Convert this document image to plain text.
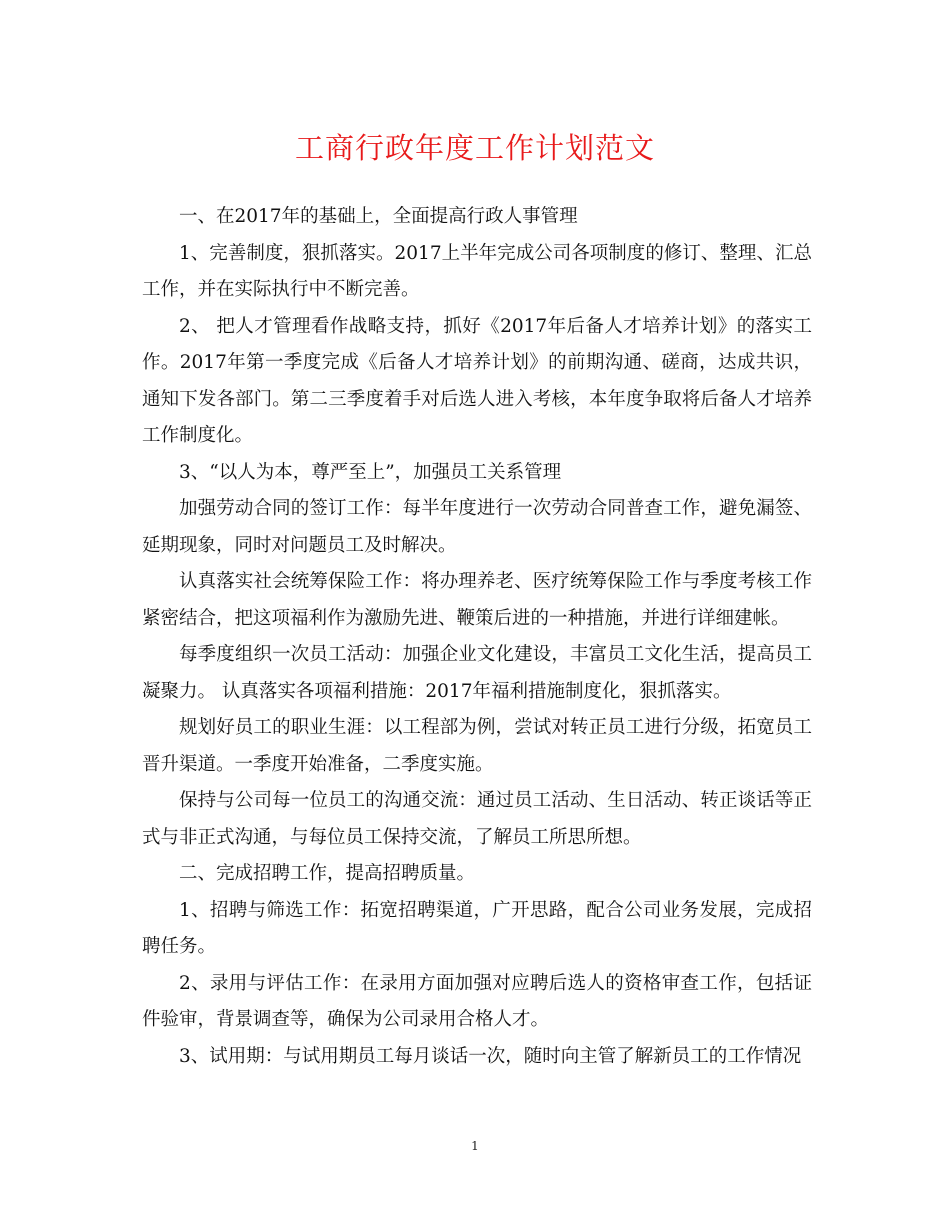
工商行政年度工作计划范文

一、在2017年的基础上，全面提高行政人事管理

1、完善制度，狠抓落实。2017上半年完成公司各项制度的修订、整理、汇总工作，并在实际执行中不断完善。

2、 把人才管理看作战略支持，抓好《2017年后备人才培养计划》的落实工作。2017年第一季度完成《后备人才培养计划》的前期沟通、磋商，达成共识，通知下发各部门。第二三季度着手对后选人进入考核，本年度争取将后备人才培养工作制度化。

3、“以人为本，尊严至上”，加强员工关系管理

加强劳动合同的签订工作：每半年度进行一次劳动合同普查工作，避免漏签、延期现象，同时对问题员工及时解决。

认真落实社会统筹保险工作：将办理养老、医疗统筹保险工作与季度考核工作紧密结合，把这项福利作为激励先进、鞭策后进的一种措施，并进行详细建帐。

每季度组织一次员工活动：加强企业文化建设，丰富员工文化生活，提高员工凝聚力。 认真落实各项福利措施：2017年福利措施制度化，狠抓落实。

规划好员工的职业生涯：以工程部为例，尝试对转正员工进行分级，拓宽员工晋升渠道。一季度开始准备，二季度实施。

保持与公司每一位员工的沟通交流：通过员工活动、生日活动、转正谈话等正式与非正式沟通，与每位员工保持交流，了解员工所思所想。

二、完成招聘工作，提高招聘质量。

1、招聘与筛选工作：拓宽招聘渠道，广开思路，配合公司业务发展，完成招聘任务。

2、录用与评估工作：在录用方面加强对应聘后选人的资格审查工作，包括证件验审，背景调查等，确保为公司录用合格人才。

3、试用期：与试用期员工每月谈话一次，随时向主管了解新员工的工作情况

1
